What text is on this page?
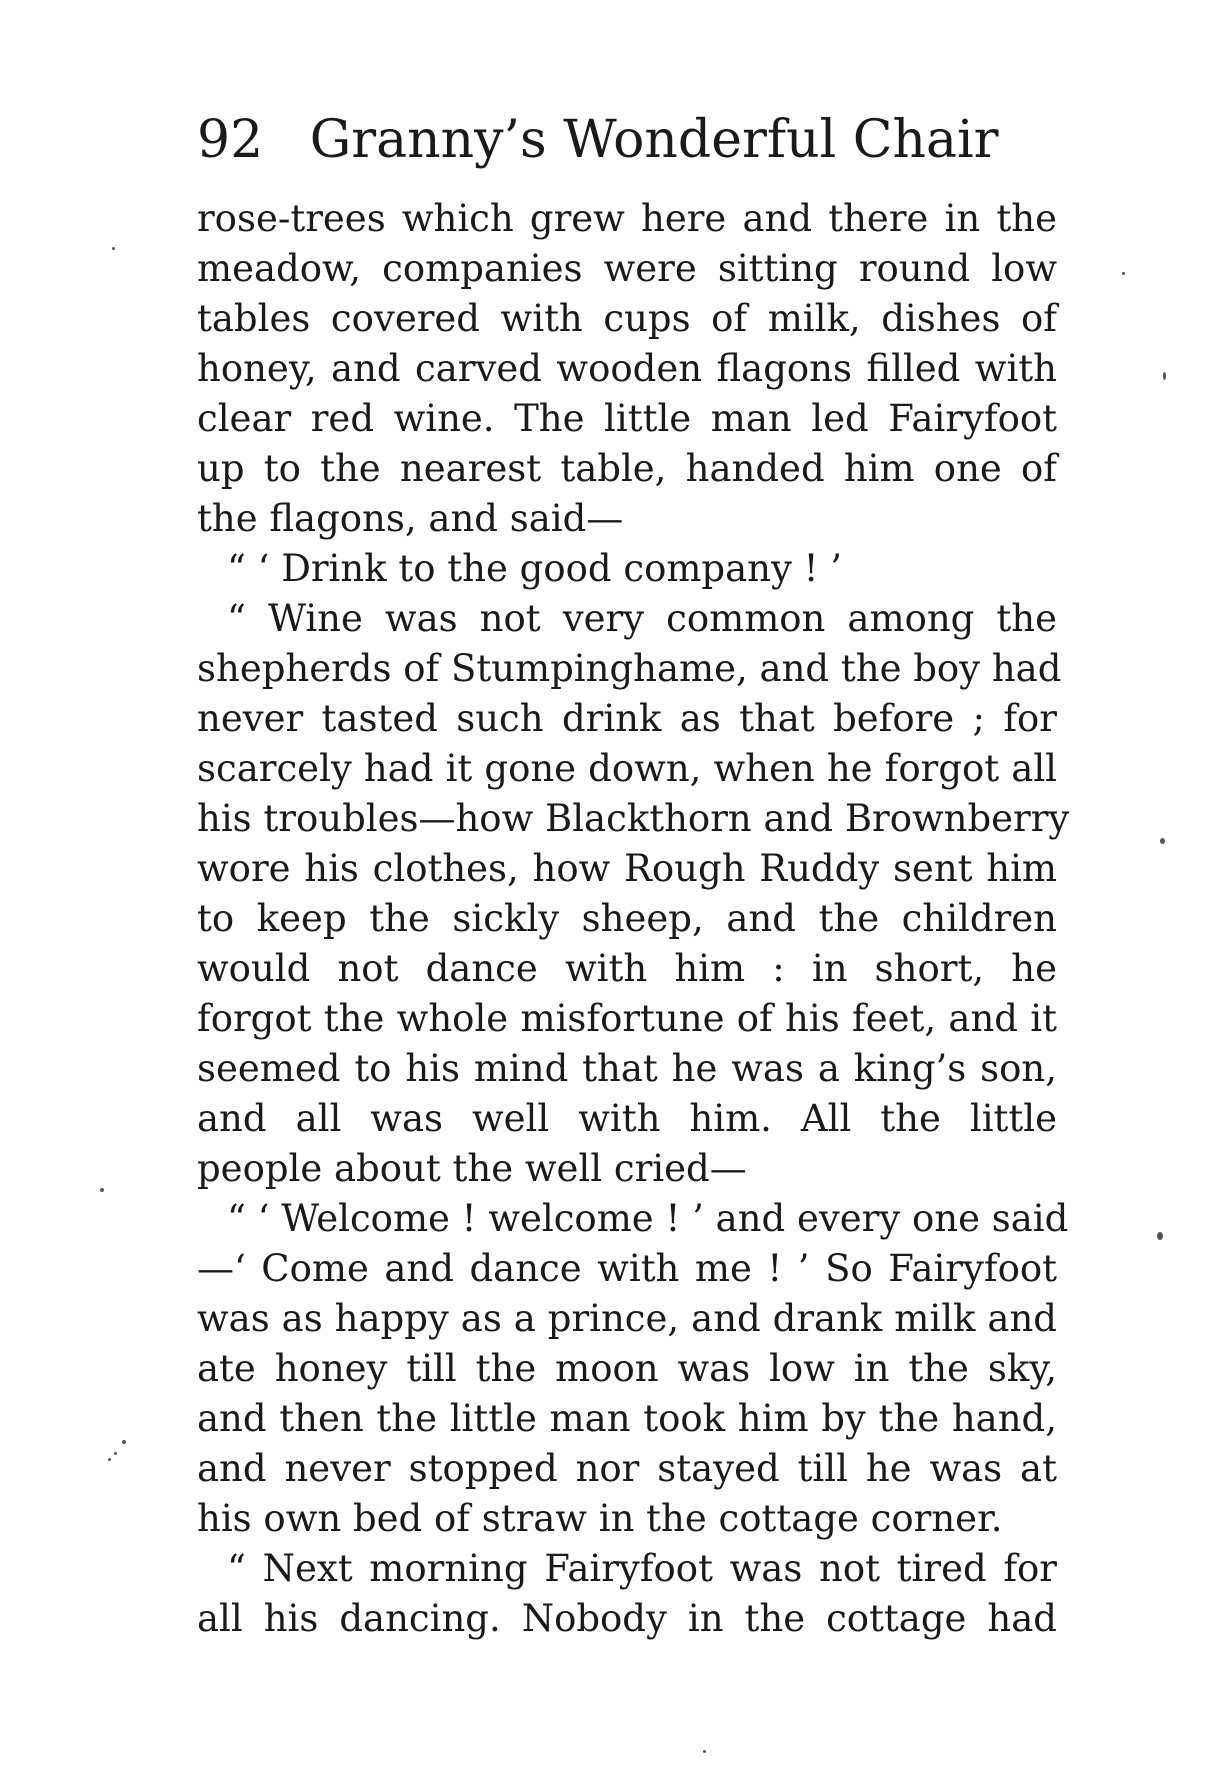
92 Granny’s Wonderful Chair
rose-trees which grew here and there in the
meadow, companies were sitting round low
tables covered with cups of milk, dishes of
honey, and carved wooden flagons filled with
clear red wine. The little man led Fairyfoot
up to the nearest table, handed him one of
the flagons, and said—
“ ‘ Drink to the good company ! ’
“ Wine was not very common among the
shepherds of Stumpinghame, and the boy had
never tasted such drink as that before ; for
scarcely had it gone down, when he forgot all
his troubles—how Blackthorn and Brownberry
wore his clothes, how Rough Ruddy sent him
to keep the sickly sheep, and the children
would not dance with him : in short, he
forgot the whole misfortune of his feet, and it
seemed to his mind that he was a king’s son,
and all was well with him. All the little
people about the well cried—
“ ‘ Welcome ! welcome ! ’ and every one said
—‘ Come and dance with me ! ’ So Fairyfoot
was as happy as a prince, and drank milk and
ate honey till the moon was low in the sky,
and then the little man took him by the hand,
and never stopped nor stayed till he was at
his own bed of straw in the cottage corner.
“ Next morning Fairyfoot was not tired for
all his dancing. Nobody in the cottage had
